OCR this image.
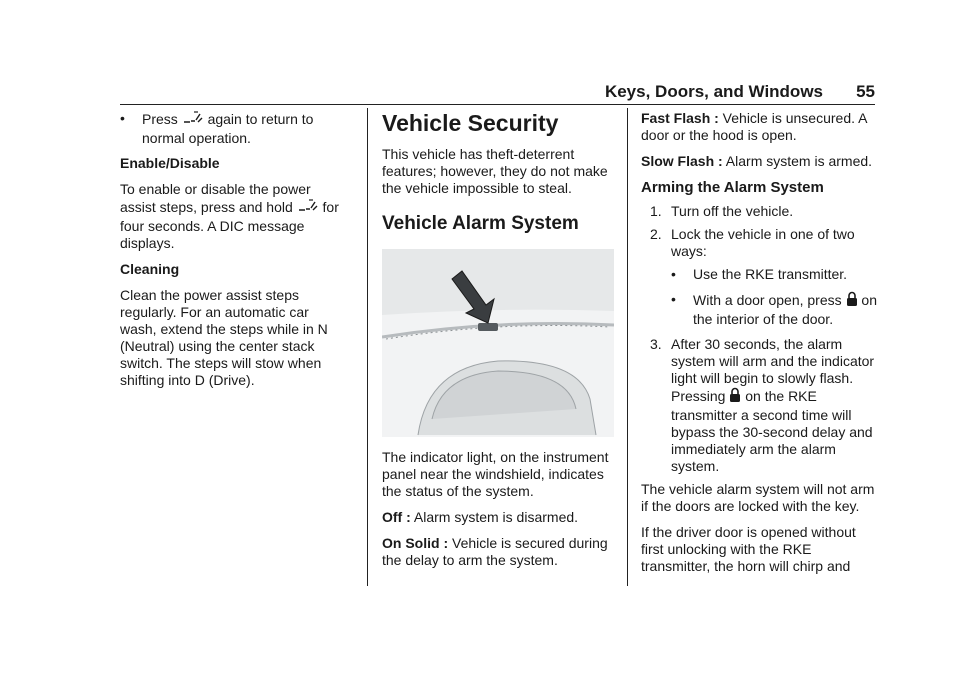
Keys, Doors, and Windows 55

• Press  again to return to normal operation.

Enable/Disable

To enable or disable the power assist steps, press and hold  for four seconds. A DIC message displays.

Cleaning

Clean the power assist steps regularly. For an automatic car wash, extend the steps while in N (Neutral) using the center stack switch. The steps will stow when shifting into D (Drive).

Vehicle Security

This vehicle has theft-deterrent features; however, they do not make the vehicle impossible to steal.

Vehicle Alarm System

The indicator light, on the instrument panel near the windshield, indicates the status of the system.

Off : Alarm system is disarmed.

On Solid : Vehicle is secured during the delay to arm the system.

Fast Flash : Vehicle is unsecured. A door or the hood is open.

Slow Flash : Alarm system is armed.

Arming the Alarm System

1. Turn off the vehicle.

2. Lock the vehicle in one of two ways:

• Use the RKE transmitter.

• With a door open, press  on the interior of the door.

3. After 30 seconds, the alarm system will arm and the indicator light will begin to slowly flash. Pressing  on the RKE transmitter a second time will bypass the 30-second delay and immediately arm the alarm system.

The vehicle alarm system will not arm if the doors are locked with the key.

If the driver door is opened without first unlocking with the RKE transmitter, the horn will chirp and
